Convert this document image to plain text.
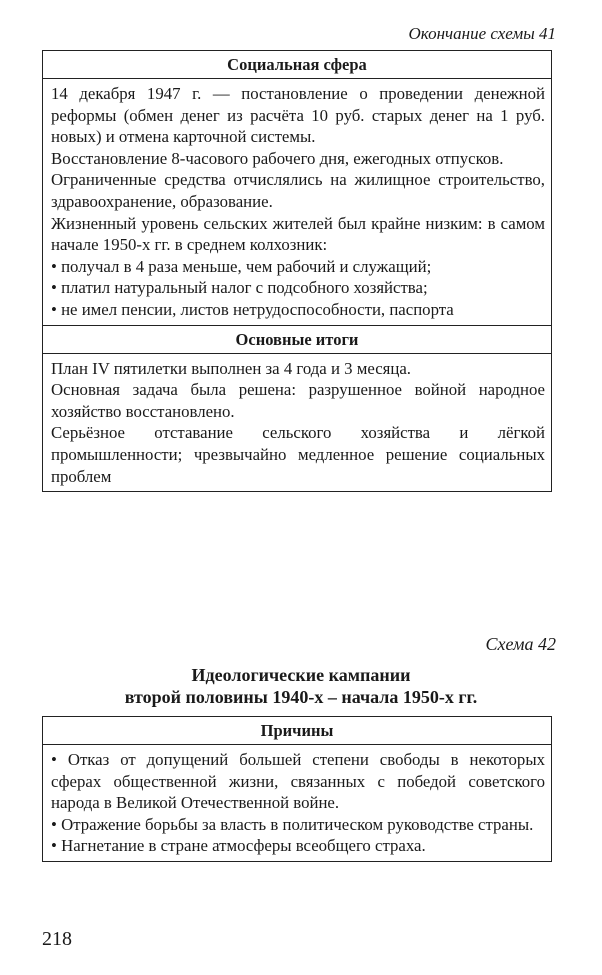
Окончание схемы 41
Социальная сфера

14 декабря 1947 г. — постановление о проведении денежной реформы (обмен денег из расчёта 10 руб. старых денег на 1 руб. новых) и отмена карточной системы.

Восстановление 8-часового рабочего дня, ежегодных отпусков.

Ограниченные средства отчислялись на жилищное строительство, здравоохранение, образование.

Жизненный уровень сельских жителей был крайне низким: в самом начале 1950-х гг. в среднем колхозник:

• получал в 4 раза меньше, чем рабочий и служащий;

• платил натуральный налог с подсобного хозяйства;

• не имел пенсии, листов нетрудоспособности, паспорта

Основные итоги

План IV пятилетки выполнен за 4 года и 3 месяца.

Основная задача была решена: разрушенное войной народное хозяйство восстановлено.

Серьёзное отставание сельского хозяйства и лёгкой промышленности; чрезвычайно медленное решение социальных проблем

Схема 42
Идеологические кампании
второй половины 1940-х – начала 1950-х гг.
Причины

• Отказ от допущений большей степени свободы в некоторых сферах общественной жизни, связанных с победой советского народа в Великой Отечественной войне.

• Отражение борьбы за власть в политическом руководстве страны.

• Нагнетание в стране атмосферы всеобщего страха.

218
